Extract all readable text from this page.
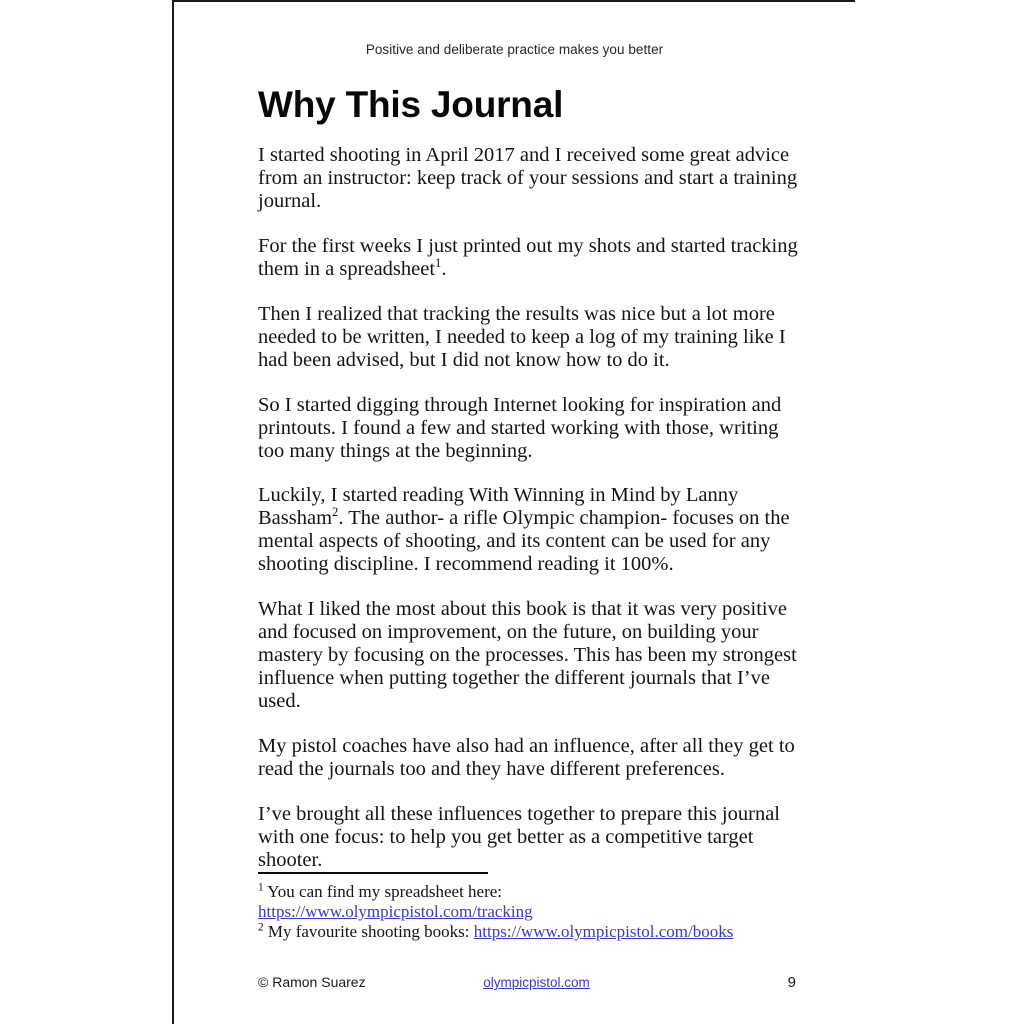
Positive and deliberate practice makes you better
Why This Journal

I started shooting in April 2017 and I received some great advice from an instructor: keep track of your sessions and start a training journal.

For the first weeks I just printed out my shots and started tracking them in a spreadsheet$^1$.

Then I realized that tracking the results was nice but a lot more needed to be written, I needed to keep a log of my training like I had been advised, but I did not know how to do it.

So I started digging through Internet looking for inspiration and printouts. I found a few and started working with those, writing too many things at the beginning.

Luckily, I started reading With Winning in Mind by Lanny Bassham$^2$. The author- a rifle Olympic champion- focuses on the mental aspects of shooting, and its content can be used for any shooting discipline. I recommend reading it 100%.

What I liked the most about this book is that it was very positive and focused on improvement, on the future, on building your mastery by focusing on the processes. This has been my strongest influence when putting together the different journals that I’ve used.

My pistol coaches have also had an influence, after all they get to read the journals too and they have different preferences.

I’ve brought all these influences together to prepare this journal with one focus: to help you get better as a competitive target shooter.

$^1$ You can find my spreadsheet here:
https://www.olympicpistol.com/tracking

$^2$ My favourite shooting books: https://www.olympicpistol.com/books

© Ramon Suarez	olympicpistol.com	9
